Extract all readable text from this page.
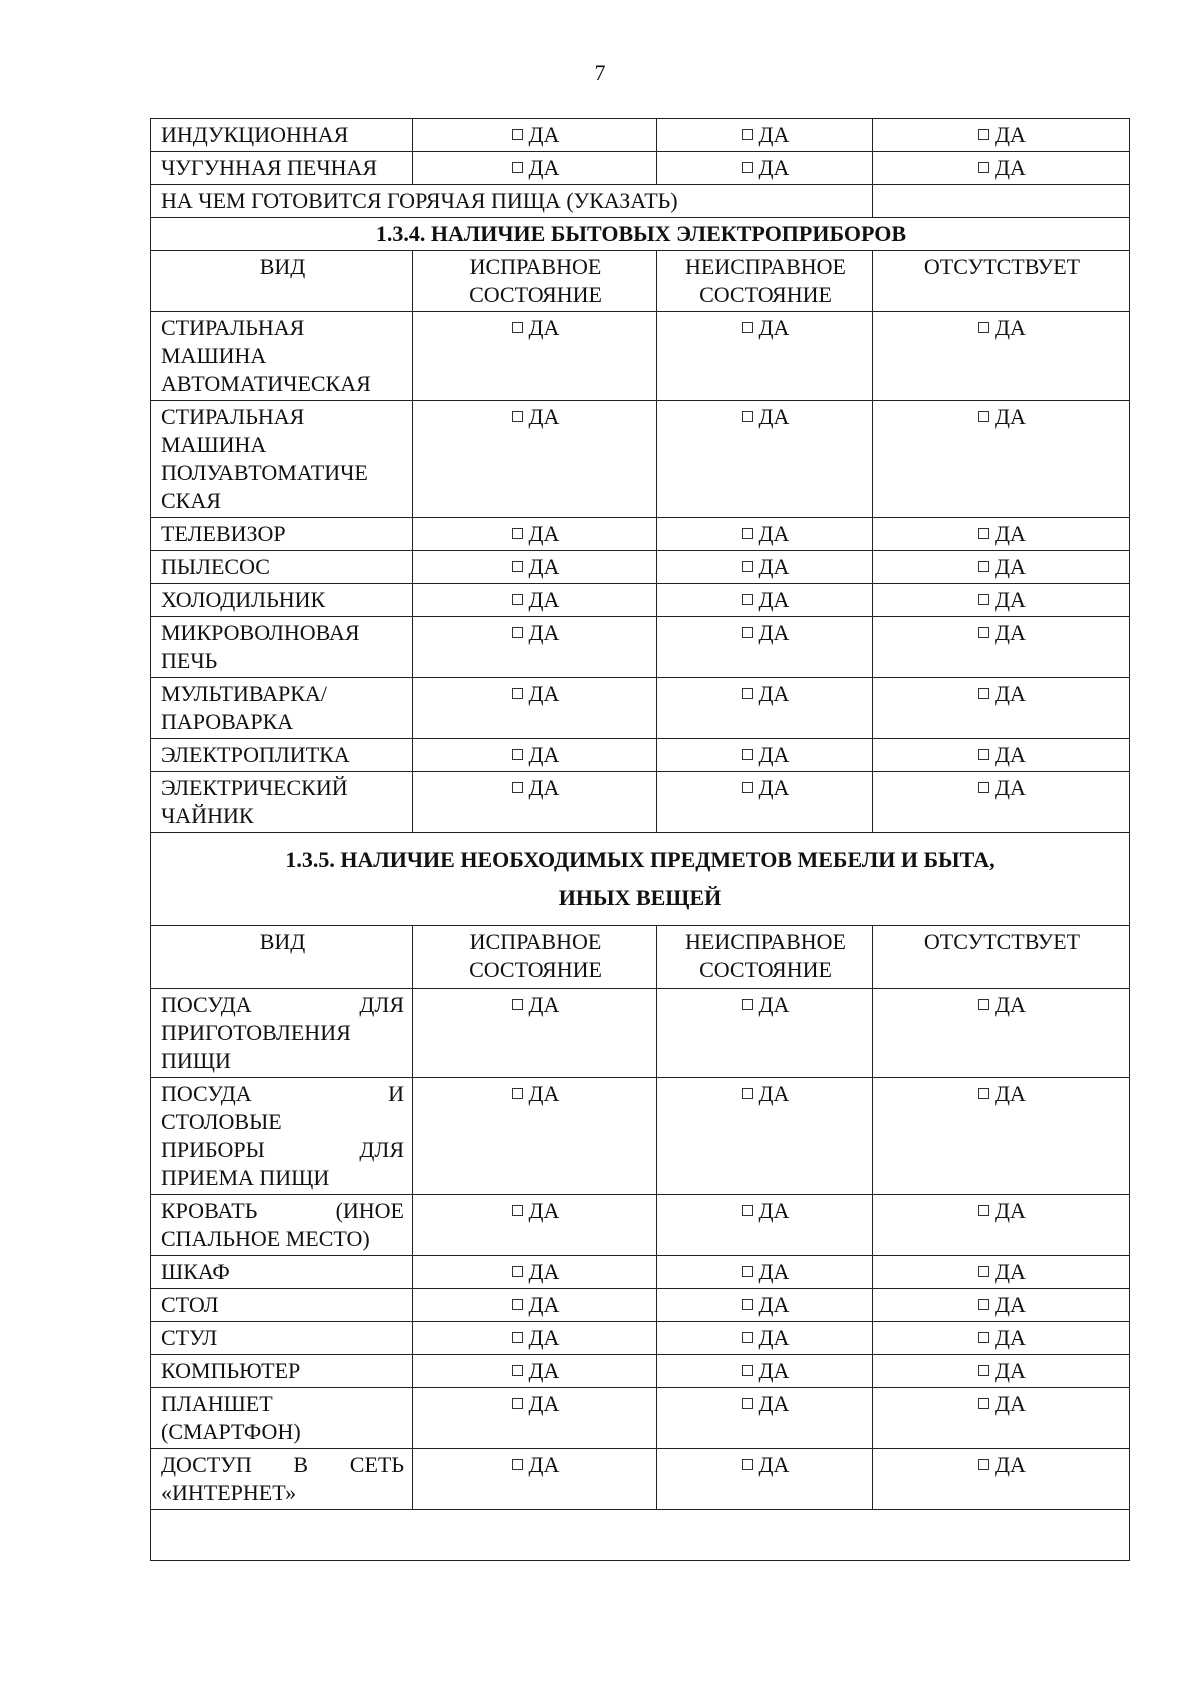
7
ИНДУКЦИОННАЯ	ДА	ДА	ДА
ЧУГУННАЯ ПЕЧНАЯ	ДА	ДА	ДА
НА ЧЕМ ГОТОВИТСЯ ГОРЯЧАЯ ПИЩА (УКАЗАТЬ)			

1.3.4. НАЛИЧИЕ БЫТОВЫХ ЭЛЕКТРОПРИБОРОВ			

ВИД	ИСПРАВНОЕ СОСТОЯНИЕ	НЕИСПРАВНОЕ СОСТОЯНИЕ	ОТСУТСТВУЕТ
СТИРАЛЬНАЯ МАШИНА АВТОМАТИЧЕСКАЯ	ДА	ДА	ДА
СТИРАЛЬНАЯ МАШИНА ПОЛУАВТОМАТИЧЕ СКАЯ	ДА	ДА	ДА
ТЕЛЕВИЗОР	ДА	ДА	ДА
ПЫЛЕСОС	ДА	ДА	ДА
ХОЛОДИЛЬНИК	ДА	ДА	ДА
МИКРОВОЛНОВАЯ ПЕЧЬ	ДА	ДА	ДА
МУЛЬТИВАРКА/ ПАРОВАРКА	ДА	ДА	ДА
ЭЛЕКТРОПЛИТКА	ДА	ДА	ДА
ЭЛЕКТРИЧЕСКИЙ ЧАЙНИК	ДА	ДА	ДА

1.3.5. НАЛИЧИЕ НЕОБХОДИМЫХ ПРЕДМЕТОВ МЕБЕЛИ И БЫТА,
ИНЫХ ВЕЩЕЙ			

ВИД	ИСПРАВНОЕ СОСТОЯНИЕ	НЕИСПРАВНОЕ СОСТОЯНИЕ	ОТСУТСТВУЕТ

ПОСУДА ДЛЯ
ПРИГОТОВЛЕНИЯ
ПИЩИ	ДА	ДА	ДА

ПОСУДА И
СТОЛОВЫЕ
ПРИБОРЫ ДЛЯ
ПРИЕМА ПИЩИ	ДА	ДА	ДА

КРОВАТЬ (ИНОЕ
СПАЛЬНОЕ МЕСТО)	ДА	ДА	ДА
ШКАФ	ДА	ДА	ДА
СТОЛ	ДА	ДА	ДА
СТУЛ	ДА	ДА	ДА
КОМПЬЮТЕР	ДА	ДА	ДА
ПЛАНШЕТ (СМАРТФОН)	ДА	ДА	ДА

ДОСТУП В СЕТЬ
«ИНТЕРНЕТ»	ДА	ДА	ДА
